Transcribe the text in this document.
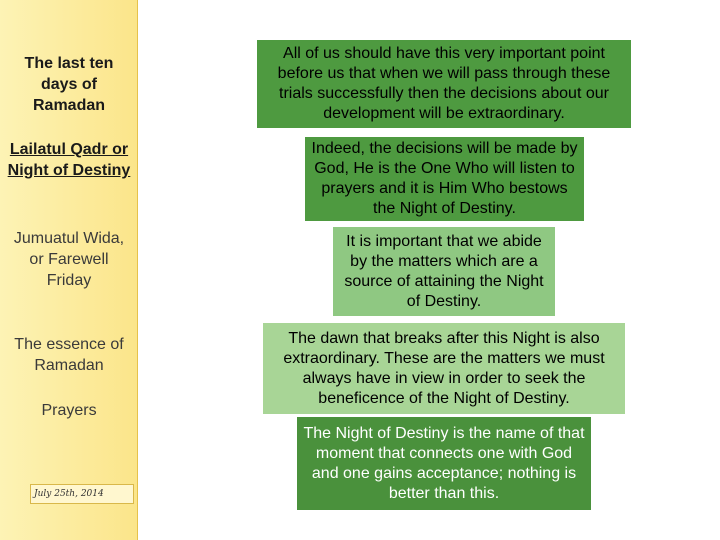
The last ten days of Ramadan
Lailatul Qadr or Night of Destiny
Jumuatul Wida, or Farewell Friday
The essence of Ramadan
Prayers
July 25th, 2014
All of us should have this very important point before us that when we will pass through these trials successfully then the decisions about our development will be extraordinary.
Indeed, the decisions will be made by God, He is the One Who will listen to prayers and it is Him Who bestows the Night of Destiny.
It is important that we abide by the matters which are a source of attaining the Night of Destiny.
The dawn that breaks after this Night is also extraordinary. These are the matters we must always have in view in order to seek the beneficence of the Night of Destiny.
The Night of Destiny is the name of that moment that connects one with God and one gains acceptance; nothing is better than this.
